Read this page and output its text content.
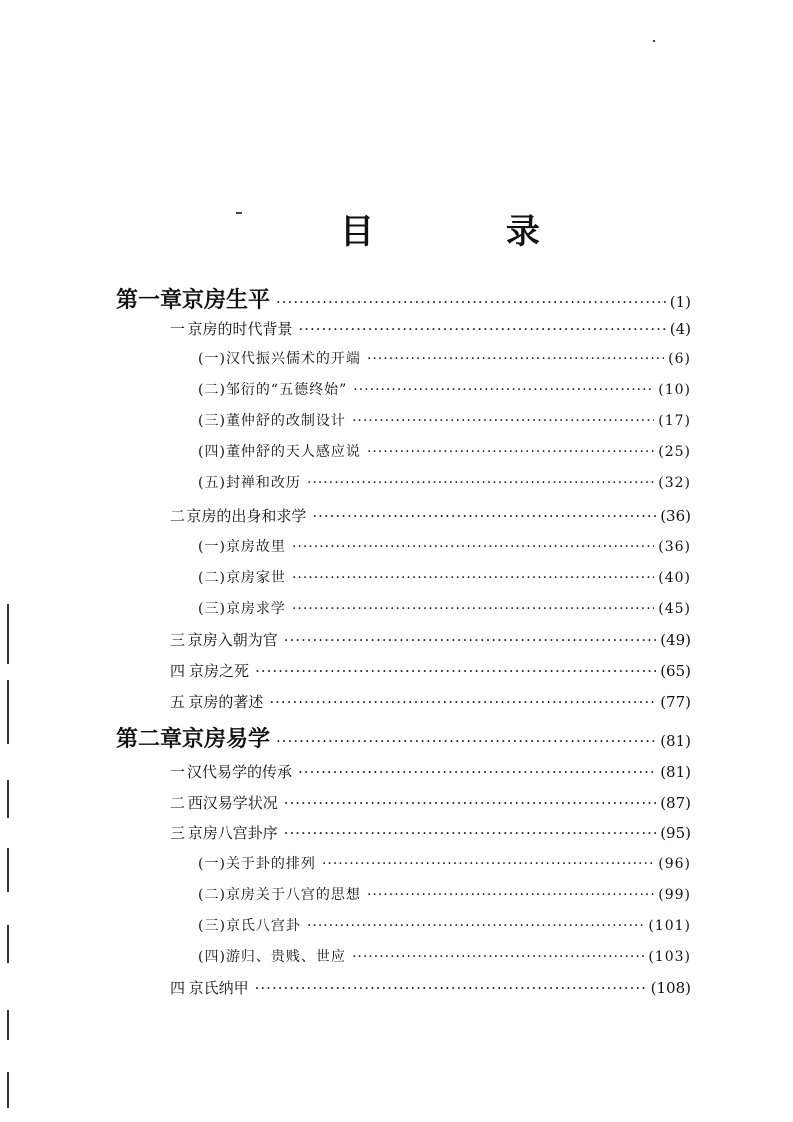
目 录
第一章 京房生平 ·····	(1)
一 京房的时代背景 ·····	(4)
(一) 汉代振兴儒术的开端 ·····	(6)
(二) 邹衍的“五德终始” ·····	(10)
(三) 董仲舒的改制设计 ·····	(17)
(四) 董仲舒的天人感应说 ·····	(25)
(五) 封禅和改历 ·····	(32)
二 京房的出身和求学 ·····	(36)
(一) 京房故里 ·····	(36)
(二) 京房家世 ·····	(40)
(三) 京房求学 ·····	(45)
三 京房入朝为官 ·····	(49)
四 京房之死 ·····	(65)
五 京房的著述 ·····	(77)
第二章 京房易学 ·····	(81)
一 汉代易学的传承 ·····	(81)
二 西汉易学状况 ·····	(87)
三 京房八宫卦序 ·····	(95)
(一) 关于卦的排列 ·····	(96)
(二) 京房关于八宫的思想 ·····	(99)
(三) 京氏八宫卦 ·····	(101)
(四) 游归、贵贱、世应 ·····	(103)
四 京氏纳甲 ·····	(108)
